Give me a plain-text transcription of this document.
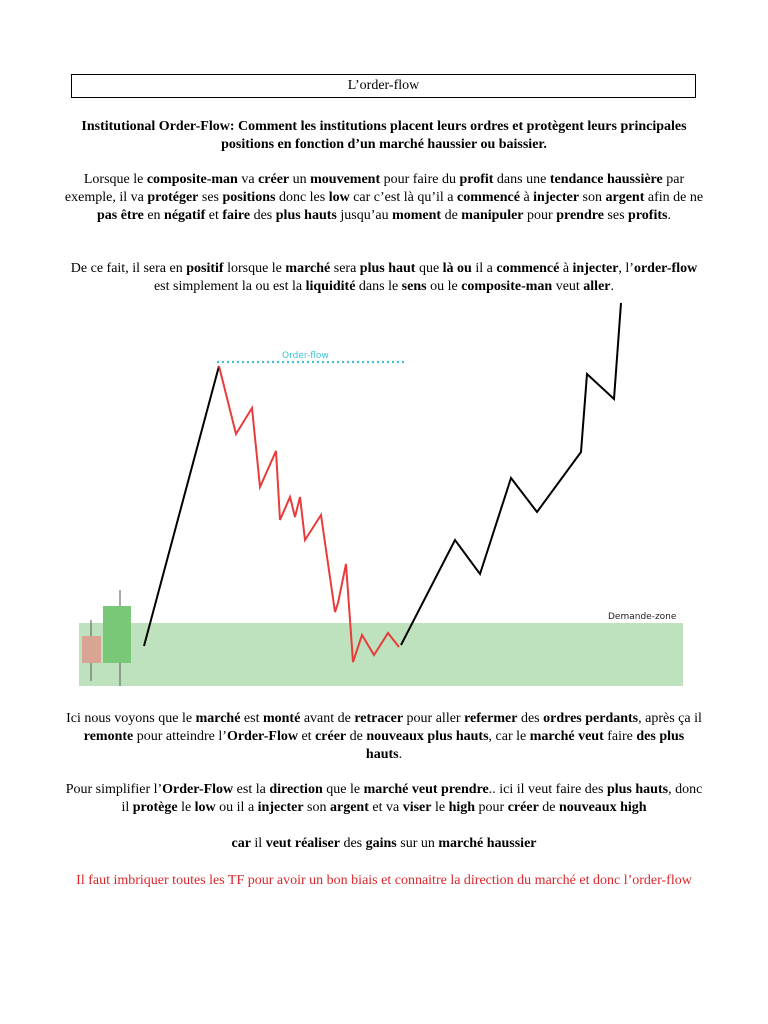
L’order-flow
Institutional Order-Flow: Comment les institutions placent leurs ordres et protègent leurs principales positions en fonction d’un marché haussier ou baissier.
Lorsque le composite-man va créer un mouvement pour faire du profit dans une tendance haussière par exemple, il va protéger ses positions donc les low car c’est là qu’il a commencé à injecter son argent afin de ne pas être en négatif et faire des plus hauts jusqu’au moment de manipuler pour prendre ses profits.
De ce fait, il sera en positif lorsque le marché sera plus haut que là ou il a commencé à injecter, l’order-flow est simplement la ou est la liquidité dans le sens ou le composite-man veut aller.
Demande-zone
Order-flow
Ici nous voyons que le marché est monté avant de retracer pour aller refermer des ordres perdants, après ça il remonte pour atteindre l’Order-Flow et créer de nouveaux plus hauts, car le marché veut faire des plus hauts.
Pour simplifier l’Order-Flow est la direction que le marché veut prendre.. ici il veut faire des plus hauts, donc il protège le low ou il a injecter son argent et va viser le high pour créer de nouveaux high
car il veut réaliser des gains sur un marché haussier
Il faut imbriquer toutes les TF pour avoir un bon biais et connaitre la direction du marché et donc l’order-flow
